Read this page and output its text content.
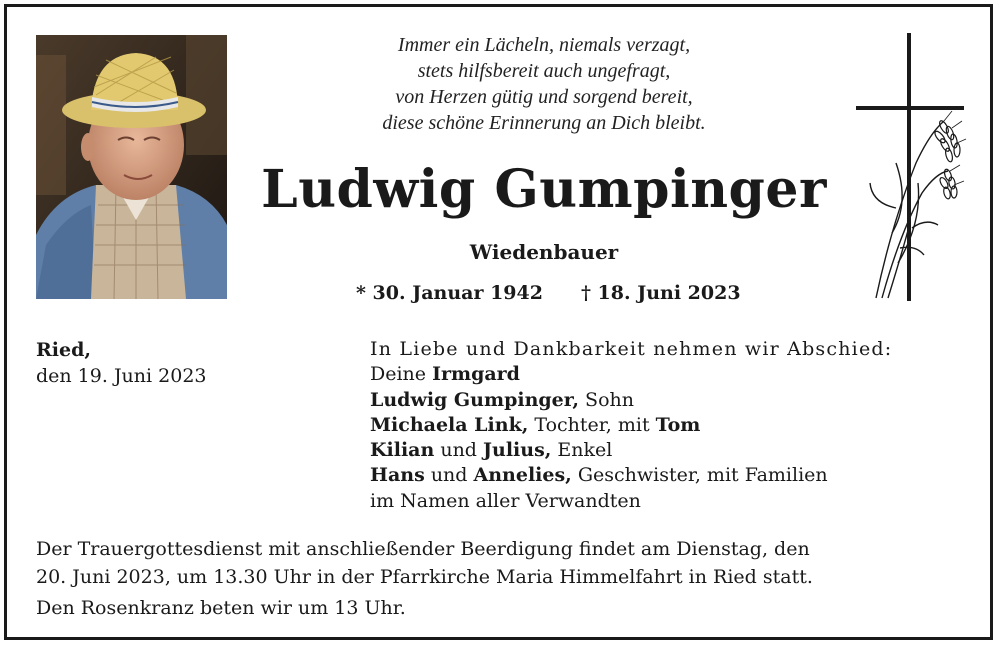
Immer ein Lächeln, niemals verzagt,
stets hilfsbereit auch ungefragt,
von Herzen gütig und sorgend bereit,
diese schöne Erinnerung an Dich bleibt.
Ludwig Gumpinger
Wiedenbauer
* 30. Januar 1942 † 18. Juni 2023
Ried,
den 19. Juni 2023
In Liebe und Dankbarkeit nehmen wir Abschied:
Deine Irmgard
Ludwig Gumpinger, Sohn
Michaela Link, Tochter, mit Tom
Kilian und Julius, Enkel
Hans und Annelies, Geschwister, mit Familien
im Namen aller Verwandten

Der Trauergottesdienst mit anschließender Beerdigung findet am Dienstag, den

20. Juni 2023, um 13.30 Uhr in der Pfarrkirche Maria Himmelfahrt in Ried statt.

Den Rosenkranz beten wir um 13 Uhr.
